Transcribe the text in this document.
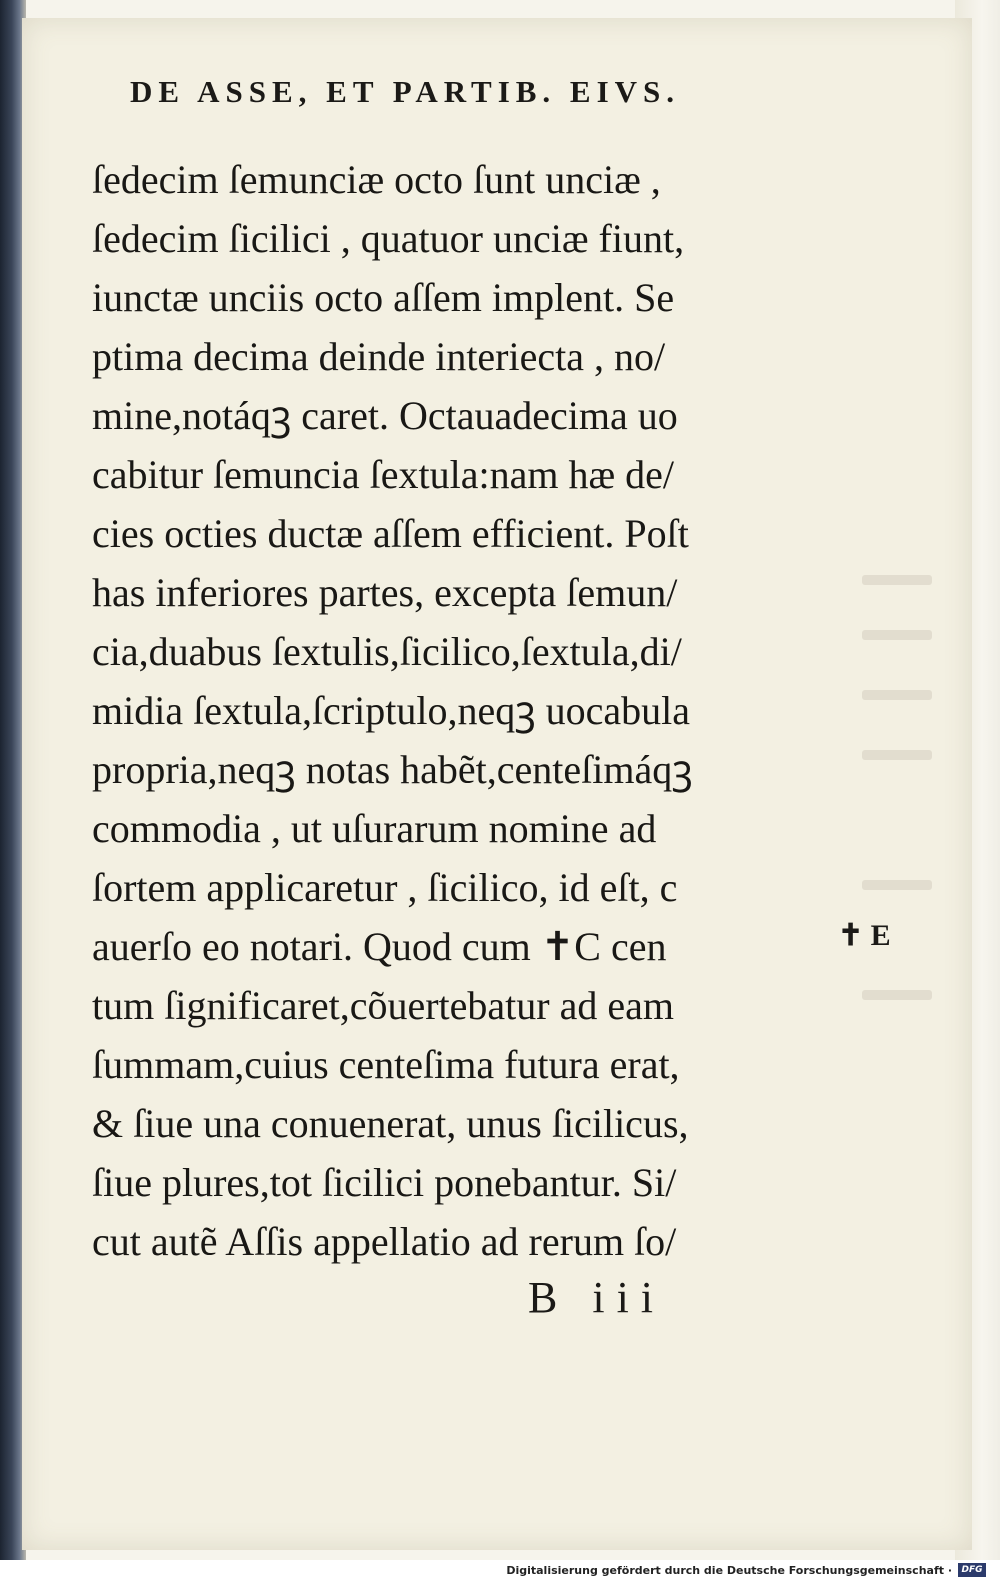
DE ASSE, ET PARTIB. EIVS.
ſedecim ſemunciæ octo ſunt unciæ ,
ſedecim ſicilici , quatuor unciæ fiunt,
iunctæ unciis octo aſſem implent. Se
ptima decima deinde interiecta , no/
mine,notáqꝫ caret. Octauadecima uo
cabitur ſemuncia ſextula:nam hæ de/
cies octies ductæ aſſem efficient. Poſt
has inferiores partes, excepta ſemun/
cia,duabus ſextulis,ſicilico,ſextula,di/
midia ſextula,ſcriptulo,neqꝫ uocabula
propria,neqꝫ notas habẽt,centeſimáqꝫ
commodia , ut uſurarum nomine ad
ſortem applicaretur , ſicilico, id eſt, c
auerſo eo notari. Quod cum ✝C cen
tum ſignificaret,cõuertebatur ad eam
ſummam,cuius centeſima futura erat,
& ſiue una conuenerat, unus ſicilicus,
ſiue plures,tot ſicilici ponebantur. Si/
cut autẽ Aſſis appellatio ad rerum ſo/
✝ E
B iii
Digitalisierung gefördert durch die Deutsche Forschungsgemeinschaft ·	DFG
